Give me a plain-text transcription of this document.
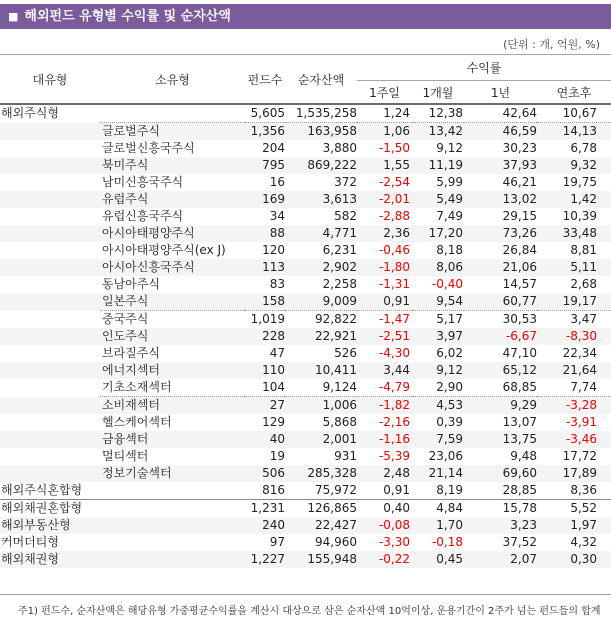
■ 해외펀드 유형별 수익률 및 순자산액
(단위 : 개, 억원, %)
대유형	소유형	펀드수	순자산액	수익률			
				1주일	1개월	1년	연초후
해외주식형		5,605	1,535,258	1,24	12,38	42,64	10,67
	글로벌주식	1,356	163,958	1,06	13,42	46,59	14,13
	글로벌신흥국주식	204	3,880	-1,50	9,12	30,23	6,78
	북미주식	795	869,222	1,55	11,19	37,93	9,32
	남미신흥국주식	16	372	-2,54	5,99	46,21	19,75
	유럽주식	169	3,613	-2,01	5,49	13,02	1,42
	유럽신흥국주식	34	582	-2,88	7,49	29,15	10,39
	아시아태평양주식	88	4,771	2,36	17,20	73,26	33,48
	아시아태평양주식(ex J)	120	6,231	-0,46	8,18	26,84	8,81
	아시아신흥국주식	113	2,902	-1,80	8,06	21,06	5,11
	동남아주식	83	2,258	-1,31	-0,40	14,57	2,68
	일본주식	158	9,009	0,91	9,54	60,77	19,17
	중국주식	1,019	92,822	-1,47	5,17	30,53	3,47
	인도주식	228	22,921	-2,51	3,97	-6,67	-8,30
	브라질주식	47	526	-4,30	6,02	47,10	22,34
	에너지섹터	110	10,411	3,44	9,12	65,12	21,64
	기초소재섹터	104	9,124	-4,79	2,90	68,85	7,74
	소비재섹터	27	1,006	-1,82	4,53	9,29	-3,28
	헬스케어섹터	129	5,868	-2,16	0,39	13,07	-3,91
	금융섹터	40	2,001	-1,16	7,59	13,75	-3,46
	멀티섹터	19	931	-5,39	23,06	9,48	17,72
	정보기술섹터	506	285,328	2,48	21,14	69,60	17,89
해외주식혼합형		816	75,972	0,91	8,19	28,85	8,36
해외채권혼합형		1,231	126,865	0,40	4,84	15,78	5,52
해외부동산형		240	22,427	-0,08	1,70	3,23	1,97
커머더티형		97	94,960	-3,30	-0,18	37,52	4,32
해외채권형		1,227	155,948	-0,22	0,45	2,07	0,30
주1) 펀드수, 순자산액은 해당유형 가중평균수익률을 계산시 대상으로 삼은 순자산액 10억이상, 운용기간이 2주가 넘는 펀드들의 합계
